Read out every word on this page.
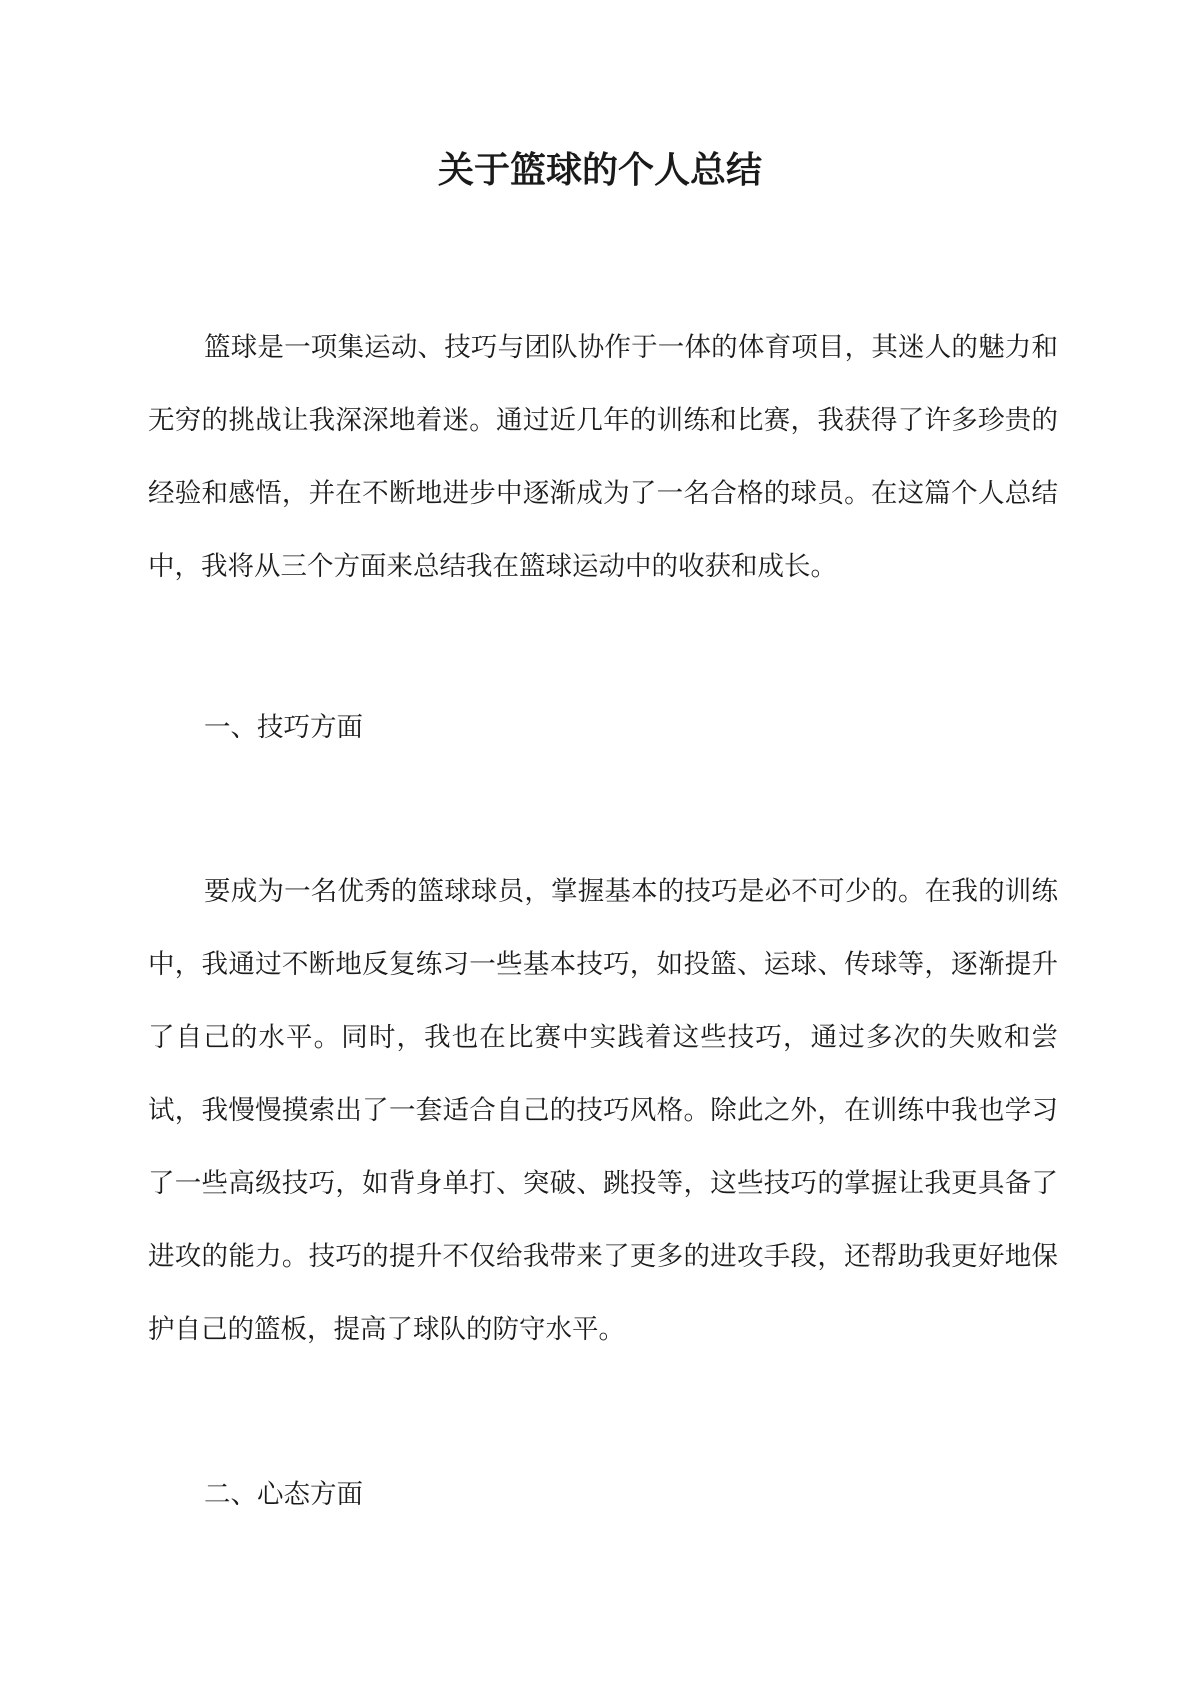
关于篮球的个人总结

篮球是一项集运动、技巧与团队协作于一体的体育项目，其迷人的魅力和无穷的挑战让我深深地着迷。通过近几年的训练和比赛，我获得了许多珍贵的经验和感悟，并在不断地进步中逐渐成为了一名合格的球员。在这篇个人总结中，我将从三个方面来总结我在篮球运动中的收获和成长。

一、技巧方面

要成为一名优秀的篮球球员，掌握基本的技巧是必不可少的。在我的训练中，我通过不断地反复练习一些基本技巧，如投篮、运球、传球等，逐渐提升了自己的水平。同时，我也在比赛中实践着这些技巧，通过多次的失败和尝试，我慢慢摸索出了一套适合自己的技巧风格。除此之外，在训练中我也学习了一些高级技巧，如背身单打、突破、跳投等，这些技巧的掌握让我更具备了进攻的能力。技巧的提升不仅给我带来了更多的进攻手段，还帮助我更好地保护自己的篮板，提高了球队的防守水平。

二、心态方面
